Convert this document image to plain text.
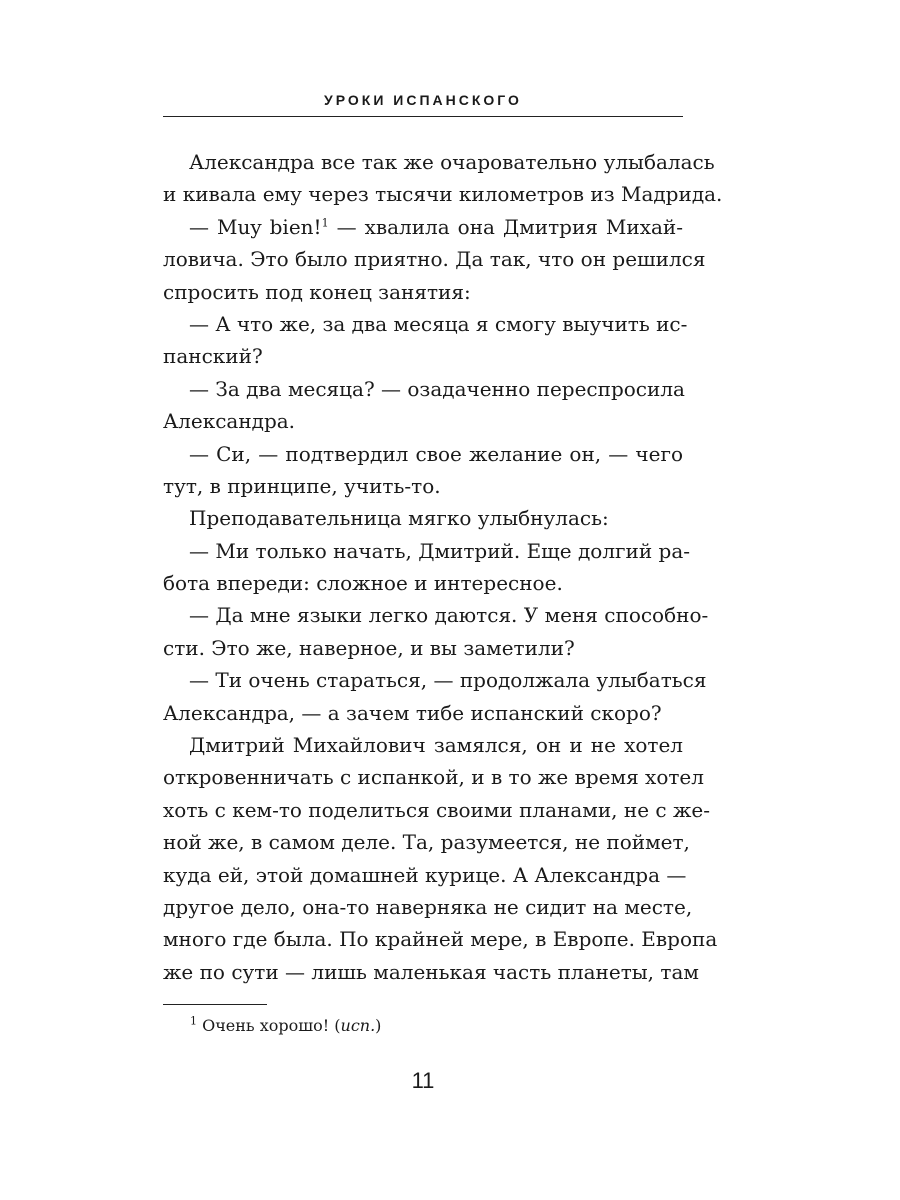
УРОКИ ИСПАНСКОГО
Александра все так же очаровательно улыбалась
и кивала ему через тысячи километров из Мадрида.
— Muy bien!$^1$ — хвалила она Дмитрия Михай-
ловича. Это было приятно. Да так, что он решился
спросить под конец занятия:
— А что же, за два месяца я смогу выучить ис-
панский?
— За два месяца? — озадаченно переспросила
Александра.
— Си, — подтвердил свое желание он, — чего
тут, в принципе, учить-то.
Преподавательница мягко улыбнулась:
— Ми только начать, Дмитрий. Еще долгий ра-
бота впереди: сложное и интересное.
— Да мне языки легко даются. У меня способно-
сти. Это же, наверное, и вы заметили?
— Ти очень стараться, — продолжала улыбаться
Александра, — а зачем тибе испанский скоро?
Дмитрий Михайлович замялся, он и не хотел
откровенничать с испанкой, и в то же время хотел
хоть с кем-то поделиться своими планами, не с же-
ной же, в самом деле. Та, разумеется, не поймет,
куда ей, этой домашней курице. А Александра —
другое дело, она-то наверняка не сидит на месте,
много где была. По крайней мере, в Европе. Европа
же по сути — лишь маленькая часть планеты, там
$^1$ Очень хорошо! (исп.)
11
